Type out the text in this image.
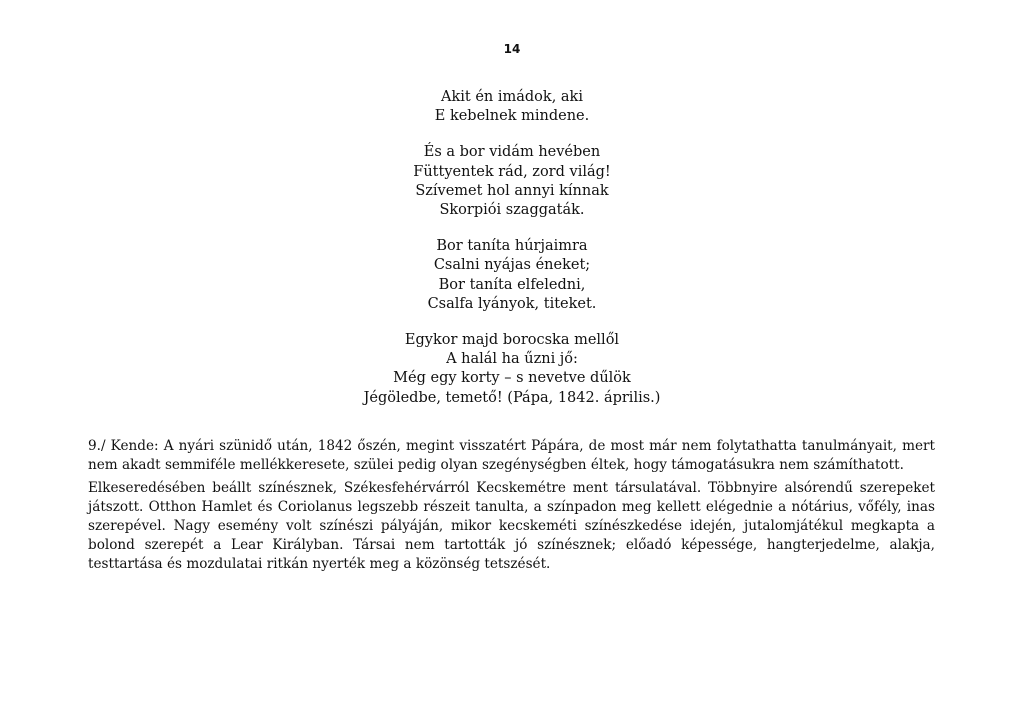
14
Akit én imádok, aki
E kebelnek mindene.
És a bor vidám hevében
Füttyentek rád, zord világ!
Szívemet hol annyi kínnak
Skorpiói szaggaták.
Bor taníta húrjaimra
Csalni nyájas éneket;
Bor taníta elfeledni,
Csalfa lyányok, titeket.
Egykor majd borocska mellől
A halál ha űzni jő:
Még egy korty – s nevetve dűlök
Jégöledbe, temető! (Pápa, 1842. április.)

9./ Kende: A nyári szünidő után, 1842 őszén, megint visszatért Pápára, de most már nem folytathatta tanulmányait, mert nem akadt semmiféle mellékkeresete, szülei pedig olyan szegénységben éltek, hogy támogatásukra nem számíthatott.

Elkeseredésében beállt színésznek, Székesfehérvárról Kecskemétre ment társulatával. Többnyire alsórendű szerepeket játszott. Otthon Hamlet és Coriolanus legszebb részeit tanulta, a színpadon meg kellett elégednie a nótárius, vőfély, inas szerepével. Nagy esemény volt színészi pályáján, mikor kecskeméti színészkedése idején, jutalomjátékul megkapta a bolond szerepét a Lear Királyban. Társai nem tartották jó színésznek; előadó képessége, hangterjedelme, alakja, testtartása és mozdulatai ritkán nyerték meg a közönség tetszését.
